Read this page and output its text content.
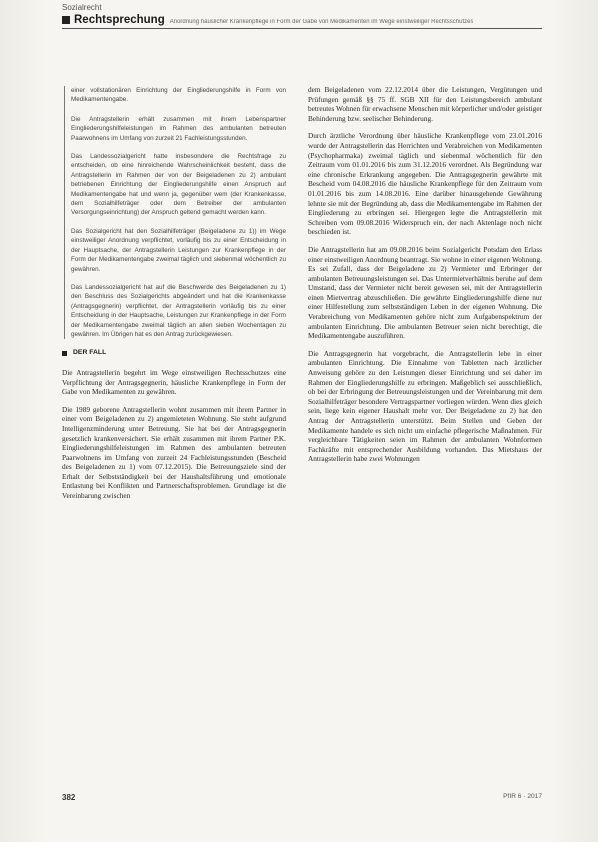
Sozialrecht
Rechtsprechung Anordnung häuslicher Krankenpflege in Form der Gabe von Medikamenten im Wege einstweiliger Rechtsschutzes

einer vollstationären Einrichtung der Eingliederungshilfe in Form von Medikamentengabe.

Die Antragstellerin erhält zusammen mit ihrem Lebenspartner Eingliederungshilfeleistungen im Rahmen des ambulanten betreuten Paarwohnens im Umfang von zurzeit 21 Fachleistungsstunden.

Das Landessozialgericht hatte insbesondere die Rechtsfrage zu entscheiden, ob eine hinreichende Wahrscheinlichkeit besteht, dass die Antragstellerin im Rahmen der von der Beigeladenen zu 2) ambulant betriebenen Einrichtung der Eingliederungshilfe einen Anspruch auf Medikamentengabe hat und wenn ja, gegenüber wem (der Krankenkasse, dem Sozialhilfeträger oder dem Betreiber der ambulanten Versorgungseinrichtung) der Anspruch geltend gemacht werden kann.

Das Sozialgericht hat den Sozialhilfeträger (Beigeladene zu 1)) im Wege einstweiliger Anordnung verpflichtet, vorläufig bis zu einer Entscheidung in der Hauptsache, der Antragstellerin Leistungen zur Krankenpflege in der Form der Medikamentengabe zweimal täglich und siebenmal wöchentlich zu gewähren.

Das Landessozialgericht hat auf die Beschwerde des Beigeladenen zu 1) den Beschluss des Sozialgerichts abgeändert und hat die Krankenkasse (Antragsgegnerin) verpflichtet, der Antragstellerin vorläufig bis zu einer Entscheidung in der Hauptsache, Leistungen zur Krankenpflege in der Form der Medikamentengabe zweimal täglich an allen sieben Wochentagen zu gewähren. Im Übrigen hat es den Antrag zurückgewiesen.

DER FALL

Die Antragstellerin begehrt im Wege einstweiligen Rechtsschutzes eine Verpflichtung der Antragsgegnerin, häusliche Krankenpflege in Form der Gabe von Medikamenten zu gewähren.

Die 1989 geborene Antragstellerin wohnt zusammen mit ihrem Partner in einer vom Beigeladenen zu 2) angemieteten Wohnung. Sie steht aufgrund Intelligenzminderung unter Betreuung. Sie hat bei der Antragsgegnerin gesetzlich krankenversichert. Sie erhält zusammen mit ihrem Partner P.K. Eingliederungshilfeleistungen im Rahmen des ambulanten betreuten Paarwohnens im Umfang von zurzeit 24 Fachleistungsstunden (Bescheid des Beigeladenen zu 1) vom 07.12.2015). Die Betreuungsziele sind der Erhalt der Selbstständigkeit bei der Haushaltsführung und emotionale Entlastung bei Konflikten und Partnerschaftsproblemen. Grundlage ist die Vereinbarung zwischen

dem Beigeladenen vom 22.12.2014 über die Leistungen, Vergütungen und Prüfungen gemäß §§ 75 ff. SGB XII für den Leistungsbereich ambulant betreutes Wohnen für erwachsene Menschen mit körperlicher und/oder geistiger Behinderung bzw. seelischer Behinderung.

Durch ärztliche Verordnung über häusliche Krankenpflege vom 23.01.2016 wurde der Antragstellerin das Herrichten und Verabreichen von Medikamenten (Psychopharmaka) zweimal täglich und siebenmal wöchentlich für den Zeitraum vom 01.01.2016 bis zum 31.12.2016 verordnet. Als Begründung war eine chronische Erkrankung angegeben. Die Antragsgegnerin gewährte mit Bescheid vom 04.08.2016 die häusliche Krankenpflege für den Zeitraum vom 01.01.2016 bis zum 14.08.2016. Eine darüber hinausgehende Gewährung lehnte sie mit der Begründung ab, dass die Medikamentengabe im Rahmen der Eingliederung zu erbringen sei. Hiergegen legte die Antragstellerin mit Schreiben vom 09.08.2016 Widerspruch ein, der nach Aktenlage noch nicht beschieden ist.

Die Antragstellerin hat am 09.08.2016 beim Sozialgericht Potsdam den Erlass einer einstweiligen Anordnung beantragt. Sie wohne in einer eigenen Wohnung. Es sei Zufall, dass der Beigeladene zu 2) Vermieter und Erbringer der ambulanten Betreuungsleistungen sei. Das Untermietverhältnis beruhe auf dem Umstand, dass der Vermieter nicht bereit gewesen sei, mit der Antragstellerin einen Mietvertrag abzuschließen. Die gewährte Eingliederungshilfe diene nur einer Hilfestellung zum selbstständigen Leben in der eigenen Wohnung. Die Verabreichung von Medikamenten gehöre nicht zum Aufgabenspektrum der ambulanten Einrichtung. Die ambulanten Betreuer seien nicht berechtigt, die Medikamentengabe auszuführen.

Die Antragsgegnerin hat vorgebracht, die Antragstellerin lebe in einer ambulanten Einrichtung. Die Einnahme von Tabletten nach ärztlicher Anweisung gehöre zu den Leistungen dieser Einrichtung und sei daher im Rahmen der Eingliederungshilfe zu erbringen. Maßgeblich sei ausschließlich, ob bei der Erbringung der Betreuungsleistungen und der Vereinbarung mit dem Sozialhilfeträger besondere Vertragspartner vorliegen würden. Wenn dies gleich sein, liege kein eigener Haushalt mehr vor. Der Beigeladene zu 2) hat den Antrag der Antragstellerin unterstützt. Beim Stellen und Geben der Medikamente handele es sich nicht um einfache pflegerische Maßnahmen. Für vergleichbare Tätigkeiten seien im Rahmen der ambulanten Wohnformen Fachkräfte mit entsprechender Ausbildung vorhanden. Das Mietshaus der Antragstellerin habe zwei Wohnungen

382	PfIR 6 · 2017
